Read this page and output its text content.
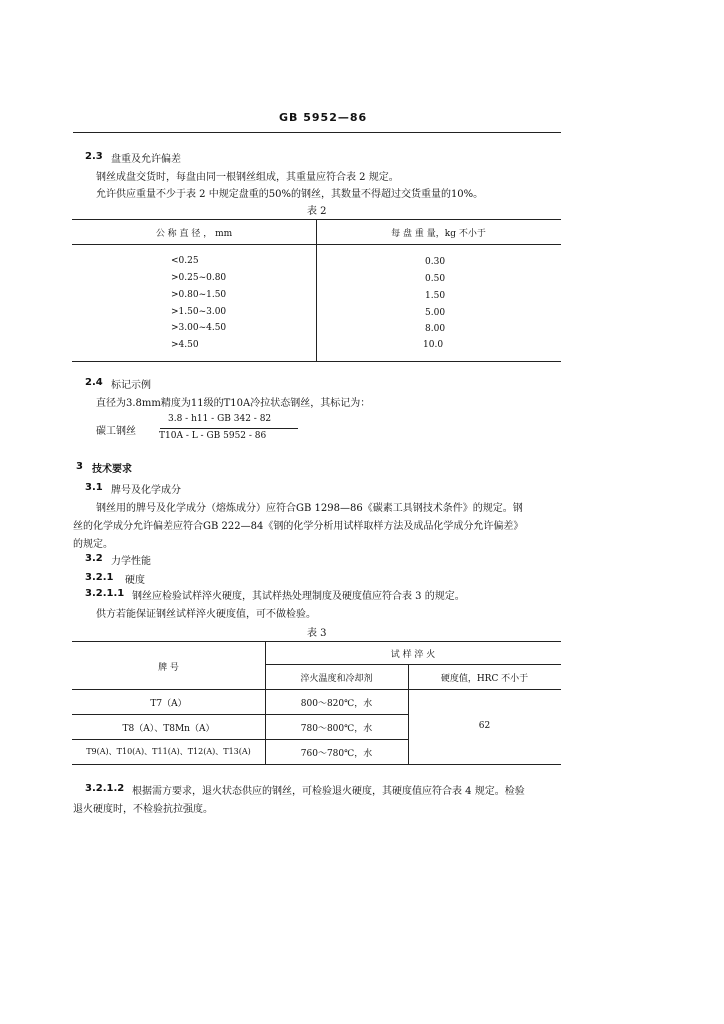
GB 5952—86
2.3 盘重及允许偏差
钢丝成盘交货时，每盘由同一根钢丝组成，其重量应符合表 2 规定。
允许供应重量不少于表 2 中规定盘重的50%的钢丝，其数量不得超过交货重量的10%。
表 2
公 称 直 径 ， mm	每 盘 重 量，kg 不小于
<0.25	0.30
>0.25~0.80	0.50
>0.80~1.50	1.50
>1.50~3.00	5.00
>3.00~4.50	8.00
>4.50	10.0
2.4 标记示例
直径为3.8mm精度为11级的T10A冷拉状态钢丝，其标记为：
碳工钢丝
3.8 - h11 - GB 342 - 82
T10A - L - GB 5952 - 86
3 技术要求
3.1 牌号及化学成分
钢丝用的牌号及化学成分（熔炼成分）应符合GB 1298—86《碳素工具钢技术条件》的规定。钢
丝的化学成分允许偏差应符合GB 222—84《钢的化学分析用试样取样方法及成品化学成分允许偏差》
的规定。
3.2 力学性能
3.2.1 硬度
3.2.1.1 钢丝应检验试样淬火硬度，其试样热处理制度及硬度值应符合表 3 的规定。
供方若能保证钢丝试样淬火硬度值，可不做检验。
表 3
牌 号
试 样 淬 火
淬火温度和冷却剂	硬度值，HRC 不小于
T7（A）	800～820℃，水
T8（A）、T8Mn（A）	780～800℃，水
T9(A)、T10(A)、T11(A)、T12(A)、T13(A)	760～780℃，水
62
3.2.1.2 根据需方要求，退火状态供应的钢丝，可检验退火硬度，其硬度值应符合表 4 规定。检验
退火硬度时，不检验抗拉强度。
